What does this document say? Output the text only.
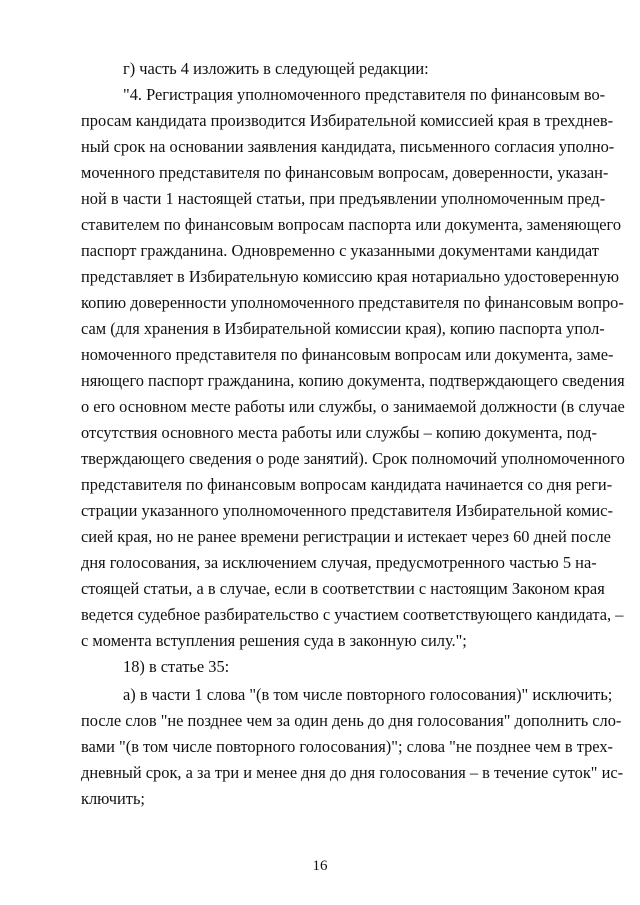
г) часть 4 изложить в следующей редакции:
"4. Регистрация уполномоченного представителя по финансовым во-
просам кандидата производится Избирательной комиссией края в трехднев-
ный срок на основании заявления кандидата, письменного согласия уполно-
моченного представителя по финансовым вопросам, доверенности, указан-
ной в части 1 настоящей статьи, при предъявлении уполномоченным пред-
ставителем по финансовым вопросам паспорта или документа, заменяющего
паспорт гражданина. Одновременно с указанными документами кандидат
представляет в Избирательную комиссию края нотариально удостоверенную
копию доверенности уполномоченного представителя по финансовым вопро-
сам (для хранения в Избирательной комиссии края), копию паспорта упол-
номоченного представителя по финансовым вопросам или документа, заме-
няющего паспорт гражданина, копию документа, подтверждающего сведения
о его основном месте работы или службы, о занимаемой должности (в случае
отсутствия основного места работы или службы – копию документа, под-
тверждающего сведения о роде занятий). Срок полномочий уполномоченного
представителя по финансовым вопросам кандидата начинается со дня реги-
страции указанного уполномоченного представителя Избирательной комис-
сией края, но не ранее времени регистрации и истекает через 60 дней после
дня голосования, за исключением случая, предусмотренного частью 5 на-
стоящей статьи, а в случае, если в соответствии с настоящим Законом края
ведется судебное разбирательство с участием соответствующего кандидата, –
с момента вступления решения суда в законную силу.";
18) в статье 35:
а) в части 1 слова "(в том числе повторного голосования)" исключить;
после слов "не позднее чем за один день до дня голосования" дополнить сло-
вами "(в том числе повторного голосования)"; слова "не позднее чем в трех-
дневный срок, а за три и менее дня до дня голосования – в течение суток" ис-
ключить;
16
